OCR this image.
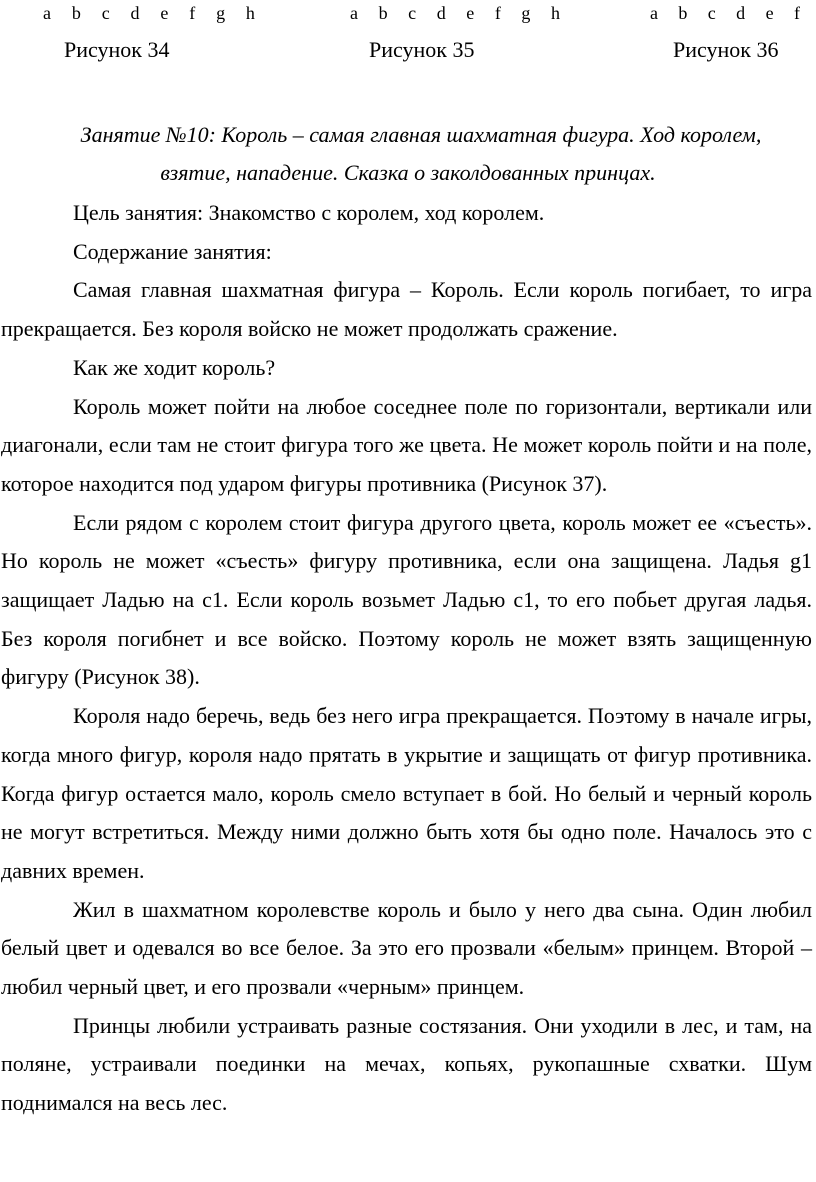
a b c d e f g h	a b c d e f g h	a b c d e f
Рисунок 34	Рисунок 35	Рисунок 36
Занятие №10: Король – самая главная шахматная фигура. Ход королем,
взятие, нападение. Сказка о заколдованных принцах.

Цель занятия: Знакомство с королем, ход королем.

Содержание занятия:

Самая главная шахматная фигура – Король. Если король погибает, то игра прекращается. Без короля войско не может продолжать сражение.

Как же ходит король?

Король может пойти на любое соседнее поле по горизонтали, вертикали или диагонали, если там не стоит фигура того же цвета. Не может король пойти и на поле, которое находится под ударом фигуры противника (Рисунок 37).

Если рядом с королем стоит фигура другого цвета, король может ее «съесть». Но король не может «съесть» фигуру противника, если она защищена. Ладья g1 защищает Ладью на c1. Если король возьмет Ладью c1, то его побьет другая ладья. Без короля погибнет и все войско. Поэтому король не может взять защищенную фигуру (Рисунок 38).

Короля надо беречь, ведь без него игра прекращается. Поэтому в начале игры, когда много фигур, короля надо прятать в укрытие и защищать от фигур противника. Когда фигур остается мало, король смело вступает в бой. Но белый и черный король не могут встретиться. Между ними должно быть хотя бы одно поле. Началось это с давних времен.

Жил в шахматном королевстве король и было у него два сына. Один любил белый цвет и одевался во все белое. За это его прозвали «белым» принцем. Второй – любил черный цвет, и его прозвали «черным» принцем.

Принцы любили устраивать разные состязания. Они уходили в лес, и там, на поляне, устраивали поединки на мечах, копьях, рукопашные схватки. Шум поднимался на весь лес.
